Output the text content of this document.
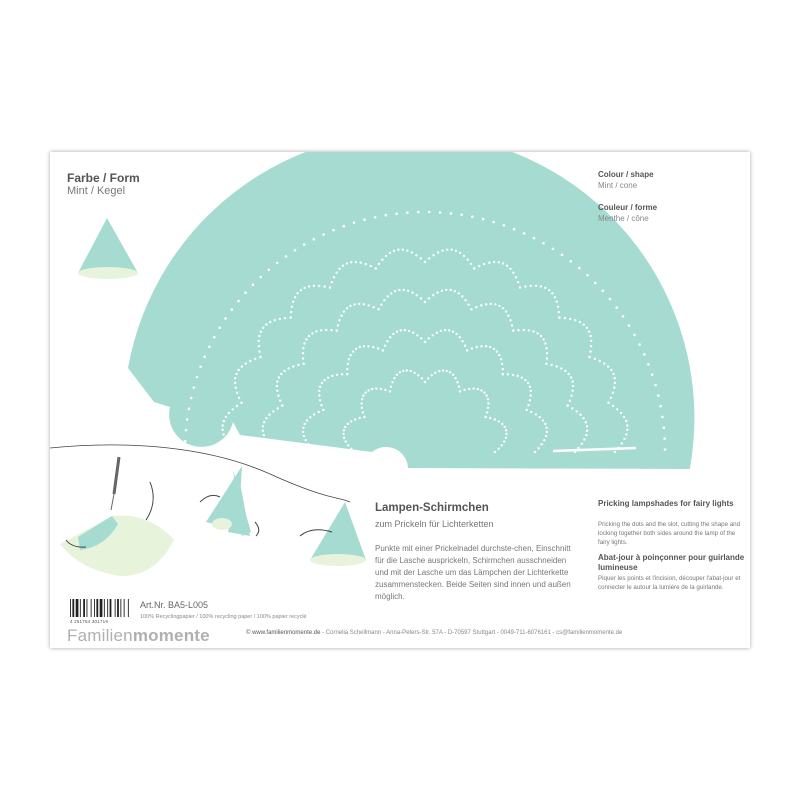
Farbe / Form
Mint / Kegel
Colour / shape
Mint / cone
Couleur / forme
Menthe / cône
Lampen-Schirmchen
zum Prickeln für Lichterketten
Punkte mit einer Prickelnadel durchste-chen, Einschnitt für die Lasche ausprickeln, Schirmchen ausschneiden und mit der Lasche um das Lämpchen der Lichterkette zusammenstecken. Beide Seiten sind innen und außen möglich.
Pricking lampshades for fairy lights
Pricking the dots and the slot, cutting the shape and locking together both sides around the lamp of the fairy lights.
Abat-jour à poinçonner pour guirlande lumineuse
Piquer les points et l'incision, découper l'abat-jour et connecter le autour la lumière de la guirlande.
4 251764 301719
Art.Nr. BA5-L005
100% Recyclingpapier / 100% recycling paper / 100% papier recyclé
Familienmomente	© www.familienmomente.de - Cornelia Schellmann - Anna-Peters-Str. 57A - D-70597 Stuttgart - 0049-711-6076161 - cs@familienmomente.de
